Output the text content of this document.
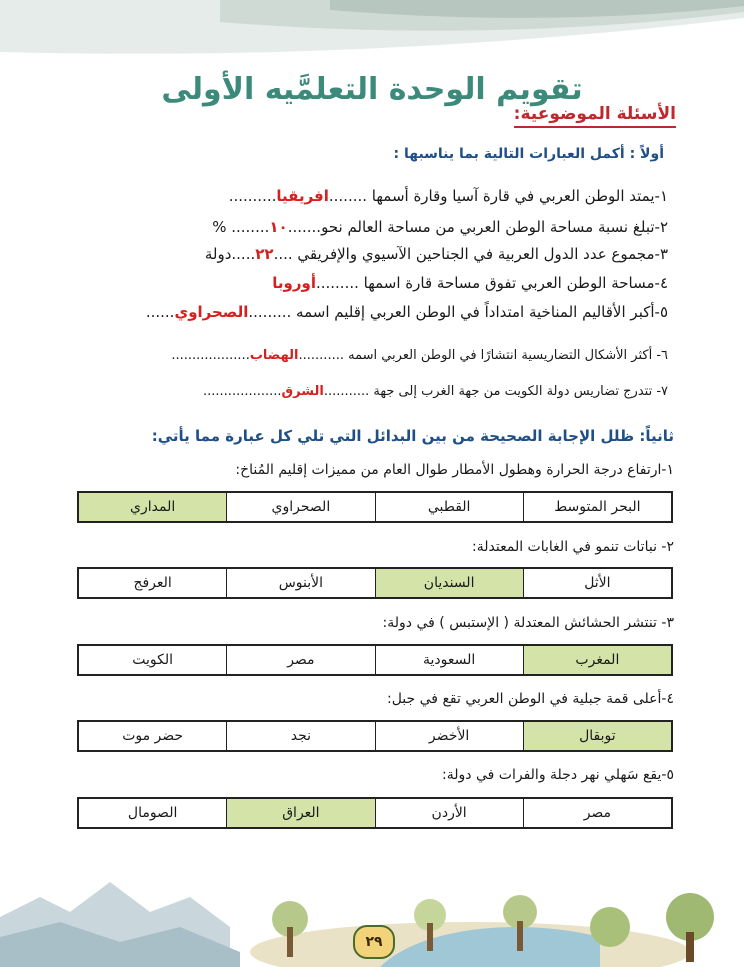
تقويم الوحدة التعلمَّيه الأولى
الأسئلة الموضوعية:
أولاً : أكمل العبارات التالية بما يناسبها :
١-يمتد الوطن العربي في قارة آسيا وقارة أسمها ........افريقيا..........
٢-تبلغ نسبة مساحة الوطن العربي من مساحة العالم نحو.......١٠........ %
٣-مجموع عدد الدول العربية في الجناحين الآسيوي والإفريقي ....٢٢.....دولة
٤-مساحة الوطن العربي تفوق مساحة قارة اسمها .........أوروبا
٥-أكبر الأقاليم المناخية امتداداً في الوطن العربي إقليم اسمه .........الصحراوي......
٦- أكثر الأشكال التضاريسية انتشارًا في الوطن العربي اسمه ...........الهضاب...................
٧- تتدرج تضاريس دولة الكويت من جهة الغرب إلى جهة ...........الشرق...................
ثانياً: ظلل الإجابة الصحيحة من بين البدائل التي تلي كل عبارة مما يأتي:
١-ارتفاع درجة الحرارة وهطول الأمطار طوال العام من مميزات إقليم المُناخ:
البحر المتوسط
القطبي
الصحراوي
المداري
٢- نباتات تنمو في الغابات المعتدلة:
الأثل
السنديان
الأبنوس
العرفج
٣- تنتشر الحشائش المعتدلة ( الإستبس ) في دولة:
المغرب
السعودية
مصر
الكويت
٤-أعلى قمة جبلية في الوطن العربي تقع في جبل:
توبقال
الأخضر
نجد
حضر موت
٥-يقع سَهلي نهر دجلة والفرات في دولة:
مصر
الأردن
العراق
الصومال
٢٩
